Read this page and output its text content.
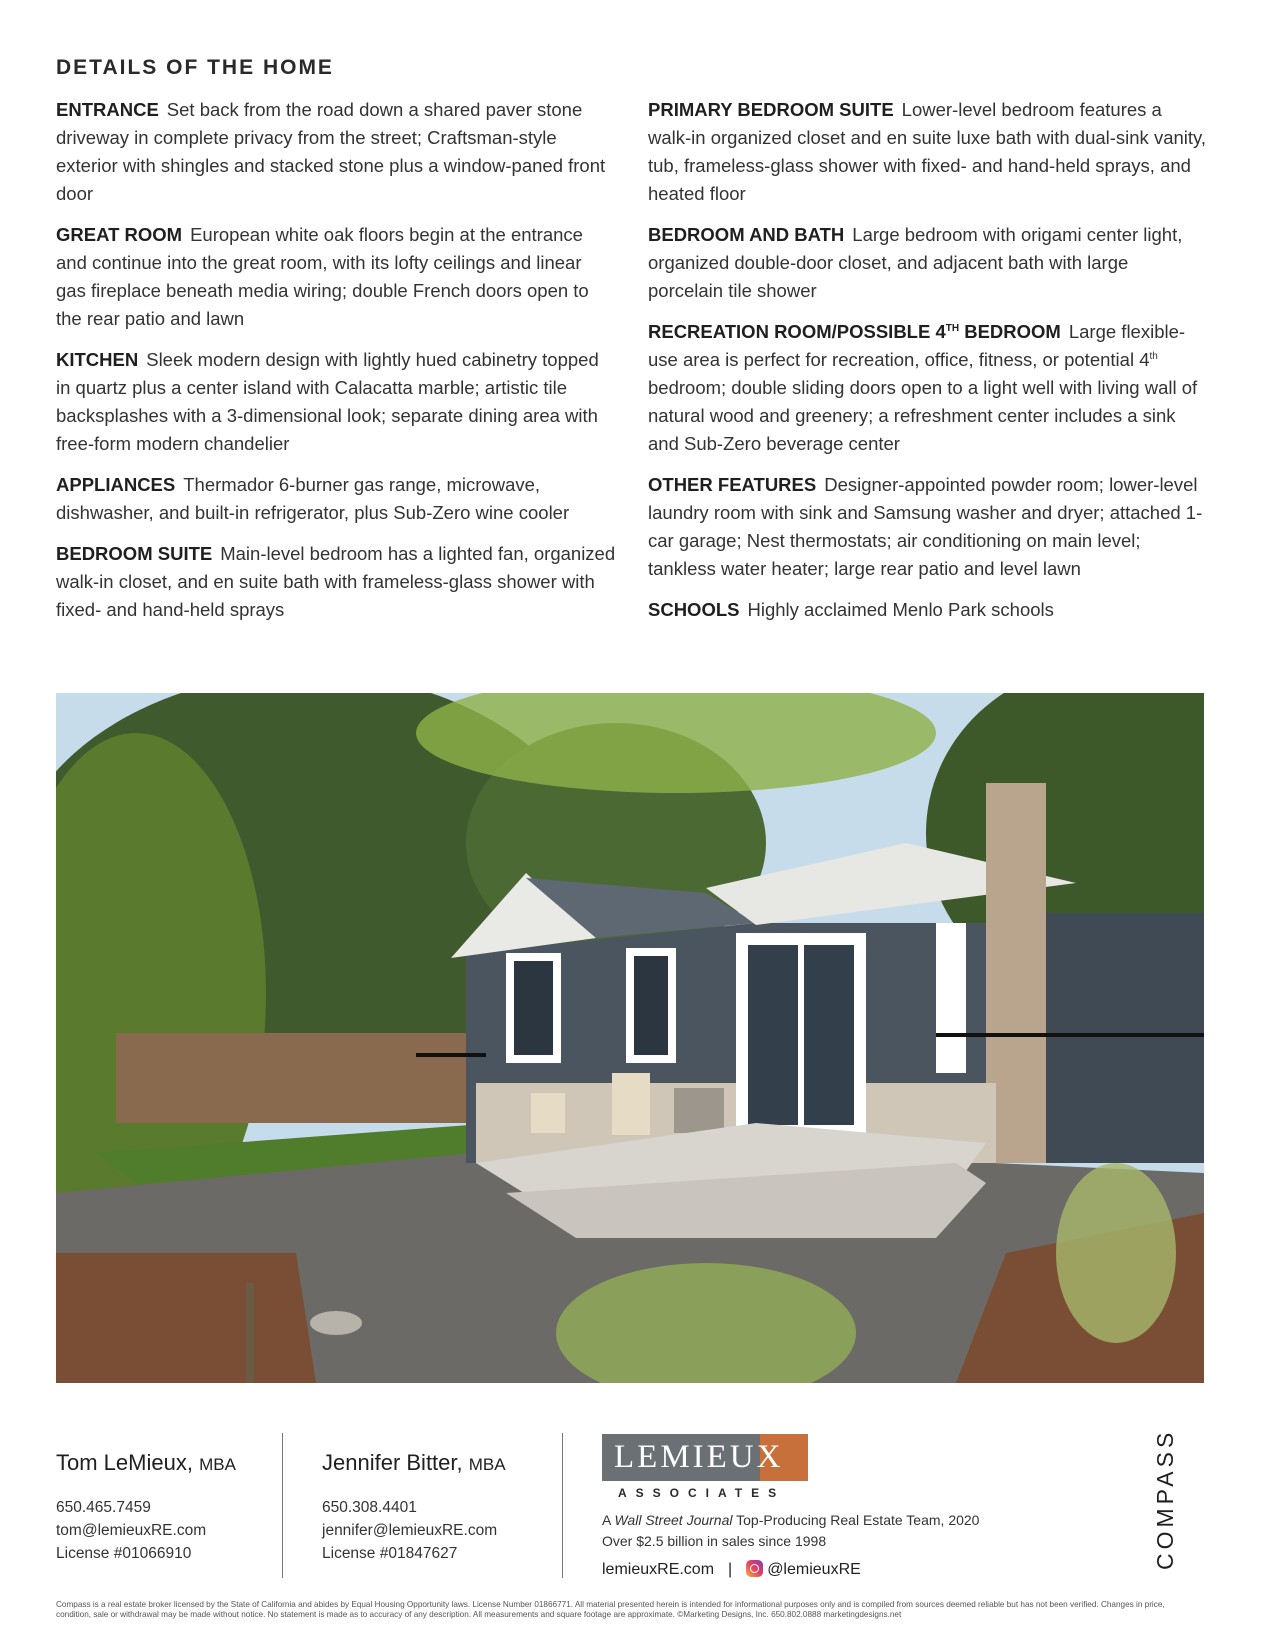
DETAILS OF THE HOME

ENTRANCE Set back from the road down a shared paver stone driveway in complete privacy from the street; Craftsman-style exterior with shingles and stacked stone plus a window-paned front door

GREAT ROOM European white oak floors begin at the entrance and continue into the great room, with its lofty ceilings and linear gas fireplace beneath media wiring; double French doors open to the rear patio and lawn

KITCHEN Sleek modern design with lightly hued cabinetry topped in quartz plus a center island with Calacatta marble; artistic tile backsplashes with a 3-dimensional look; separate dining area with free-form modern chandelier

APPLIANCES Thermador 6-burner gas range, microwave, dishwasher, and built-in refrigerator, plus Sub-Zero wine cooler

BEDROOM SUITE Main-level bedroom has a lighted fan, organized walk-in closet, and en suite bath with frameless-glass shower with fixed- and hand-held sprays

PRIMARY BEDROOM SUITE Lower-level bedroom features a walk-in organized closet and en suite luxe bath with dual-sink vanity, tub, frameless-glass shower with fixed- and hand-held sprays, and heated floor

BEDROOM AND BATH Large bedroom with origami center light, organized double-door closet, and adjacent bath with large porcelain tile shower

RECREATION ROOM/POSSIBLE 4TH BEDROOM Large flexible-use area is perfect for recreation, office, fitness, or potential 4th bedroom; double sliding doors open to a light well with living wall of natural wood and greenery; a refreshment center includes a sink and Sub-Zero beverage center

OTHER FEATURES Designer-appointed powder room; lower-level laundry room with sink and Samsung washer and dryer; attached 1-car garage; Nest thermostats; air conditioning on main level; tankless water heater; large rear patio and level lawn

SCHOOLS Highly acclaimed Menlo Park schools

Tom LeMieux, MBA
650.465.7459
tom@lemieuxRE.com
License #01066910
Jennifer Bitter, MBA
650.308.4401
jennifer@lemieuxRE.com
License #01847627
LEMIEUX
ASSOCIATES
A Wall Street Journal Top-Producing Real Estate Team, 2020
Over $2.5 billion in sales since 1998
lemieuxRE.com | @lemieuxRE	COMPASS
Compass is a real estate broker licensed by the State of California and abides by Equal Housing Opportunity laws. License Number 01866771. All material presented herein is intended for informational purposes only and is compiled from sources deemed reliable but has not been verified. Changes in price, condition, sale or withdrawal may be made without notice. No statement is made as to accuracy of any description. All measurements and square footage are approximate. ©Marketing Designs, Inc. 650.802.0888 marketingdesigns.net
